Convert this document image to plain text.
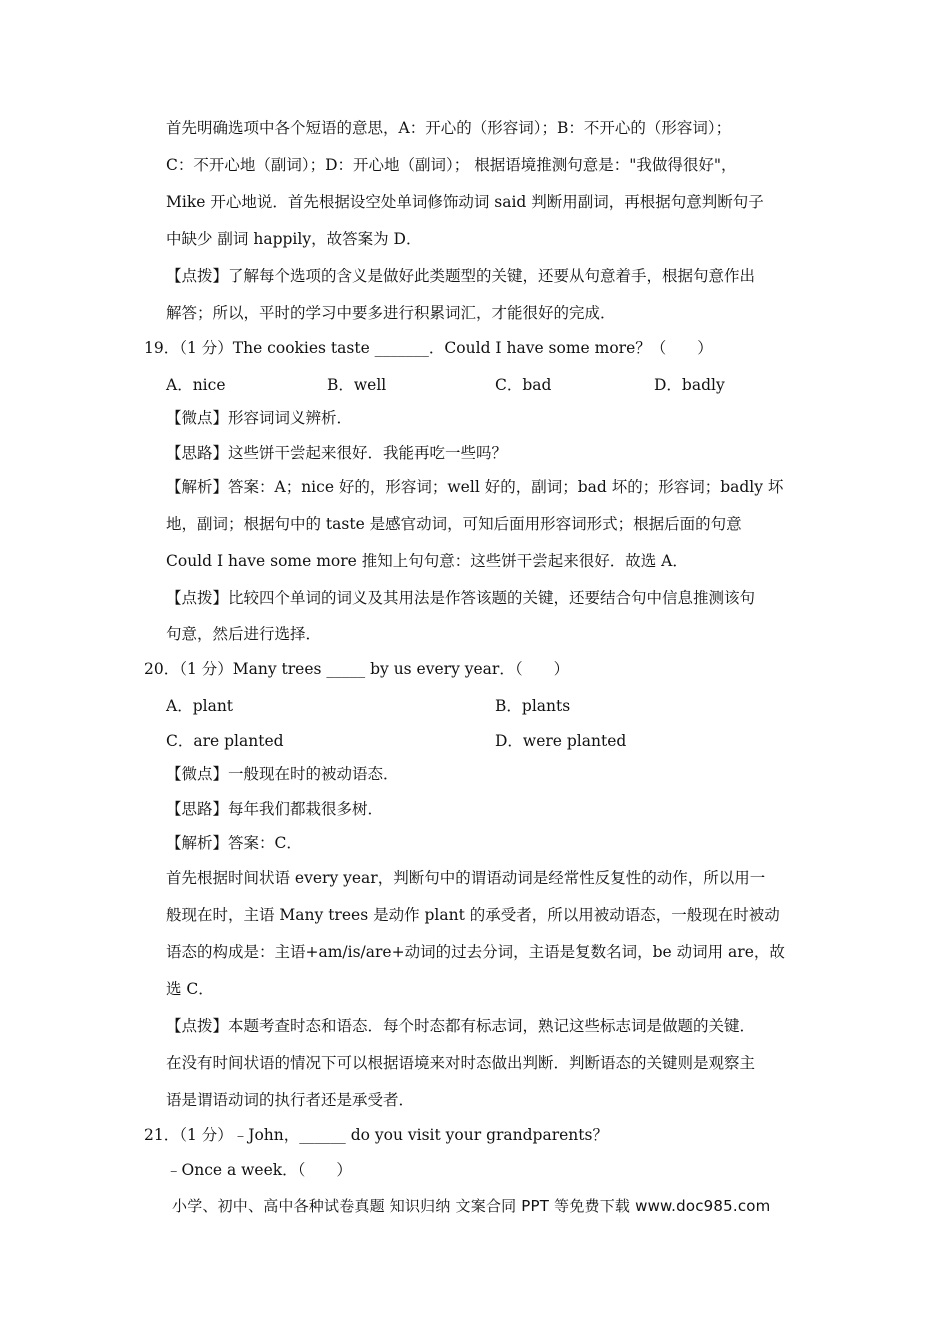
首先明确选项中各个短语的意思，A：开心的（形容词）；B：不开心的（形容词）；
C：不开心地（副词）；D：开心地（副词）； 根据语境推测句意是："我做得很好"，
Mike 开心地说．首先根据设空处单词修饰动词 said 判断用副词，再根据句意判断句子
中缺少 副词 happily，故答案为 D．
【点拨】了解每个选项的含义是做好此类题型的关键，还要从句意着手，根据句意作出
解答；所以，平时的学习中要多进行积累词汇，才能很好的完成．
19．（1 分）The cookies taste _______．Could I have some more？（　　）
A．nice	B．well	C．bad	D．badly
【微点】形容词词义辨析．
【思路】这些饼干尝起来很好．我能再吃一些吗？
【解析】答案：A；nice 好的，形容词；well 好的，副词；bad 坏的；形容词；badly 坏
地，副词；根据句中的 taste 是感官动词，可知后面用形容词形式；根据后面的句意
Could I have some more 推知上句句意：这些饼干尝起来很好．故选 A．
【点拨】比较四个单词的词义及其用法是作答该题的关键，还要结合句中信息推测该句
句意，然后进行选择．
20．（1 分）Many trees _____ by us every year．（　　）
A．plant	B．plants
C．are planted	D．were planted
【微点】一般现在时的被动语态．
【思路】每年我们都栽很多树．
【解析】答案：C．
首先根据时间状语 every year，判断句中的谓语动词是经常性反复性的动作，所以用一
般现在时，主语 Many trees 是动作 plant 的承受者，所以用被动语态，一般现在时被动
语态的构成是：主语+am/is/are+动词的过去分词，主语是复数名词，be 动词用 are，故
选 C．
【点拨】本题考查时态和语态．每个时态都有标志词，熟记这些标志词是做题的关键．
在没有时间状语的情况下可以根据语境来对时态做出判断．判断语态的关键则是观察主
语是谓语动词的执行者还是承受者．
21．（1 分）﹣John，______ do you visit your grandparents？
﹣Once a week．（　　）
小学、初中、高中各种试卷真题 知识归纳 文案合同 PPT 等免费下载 www.doc985.com
